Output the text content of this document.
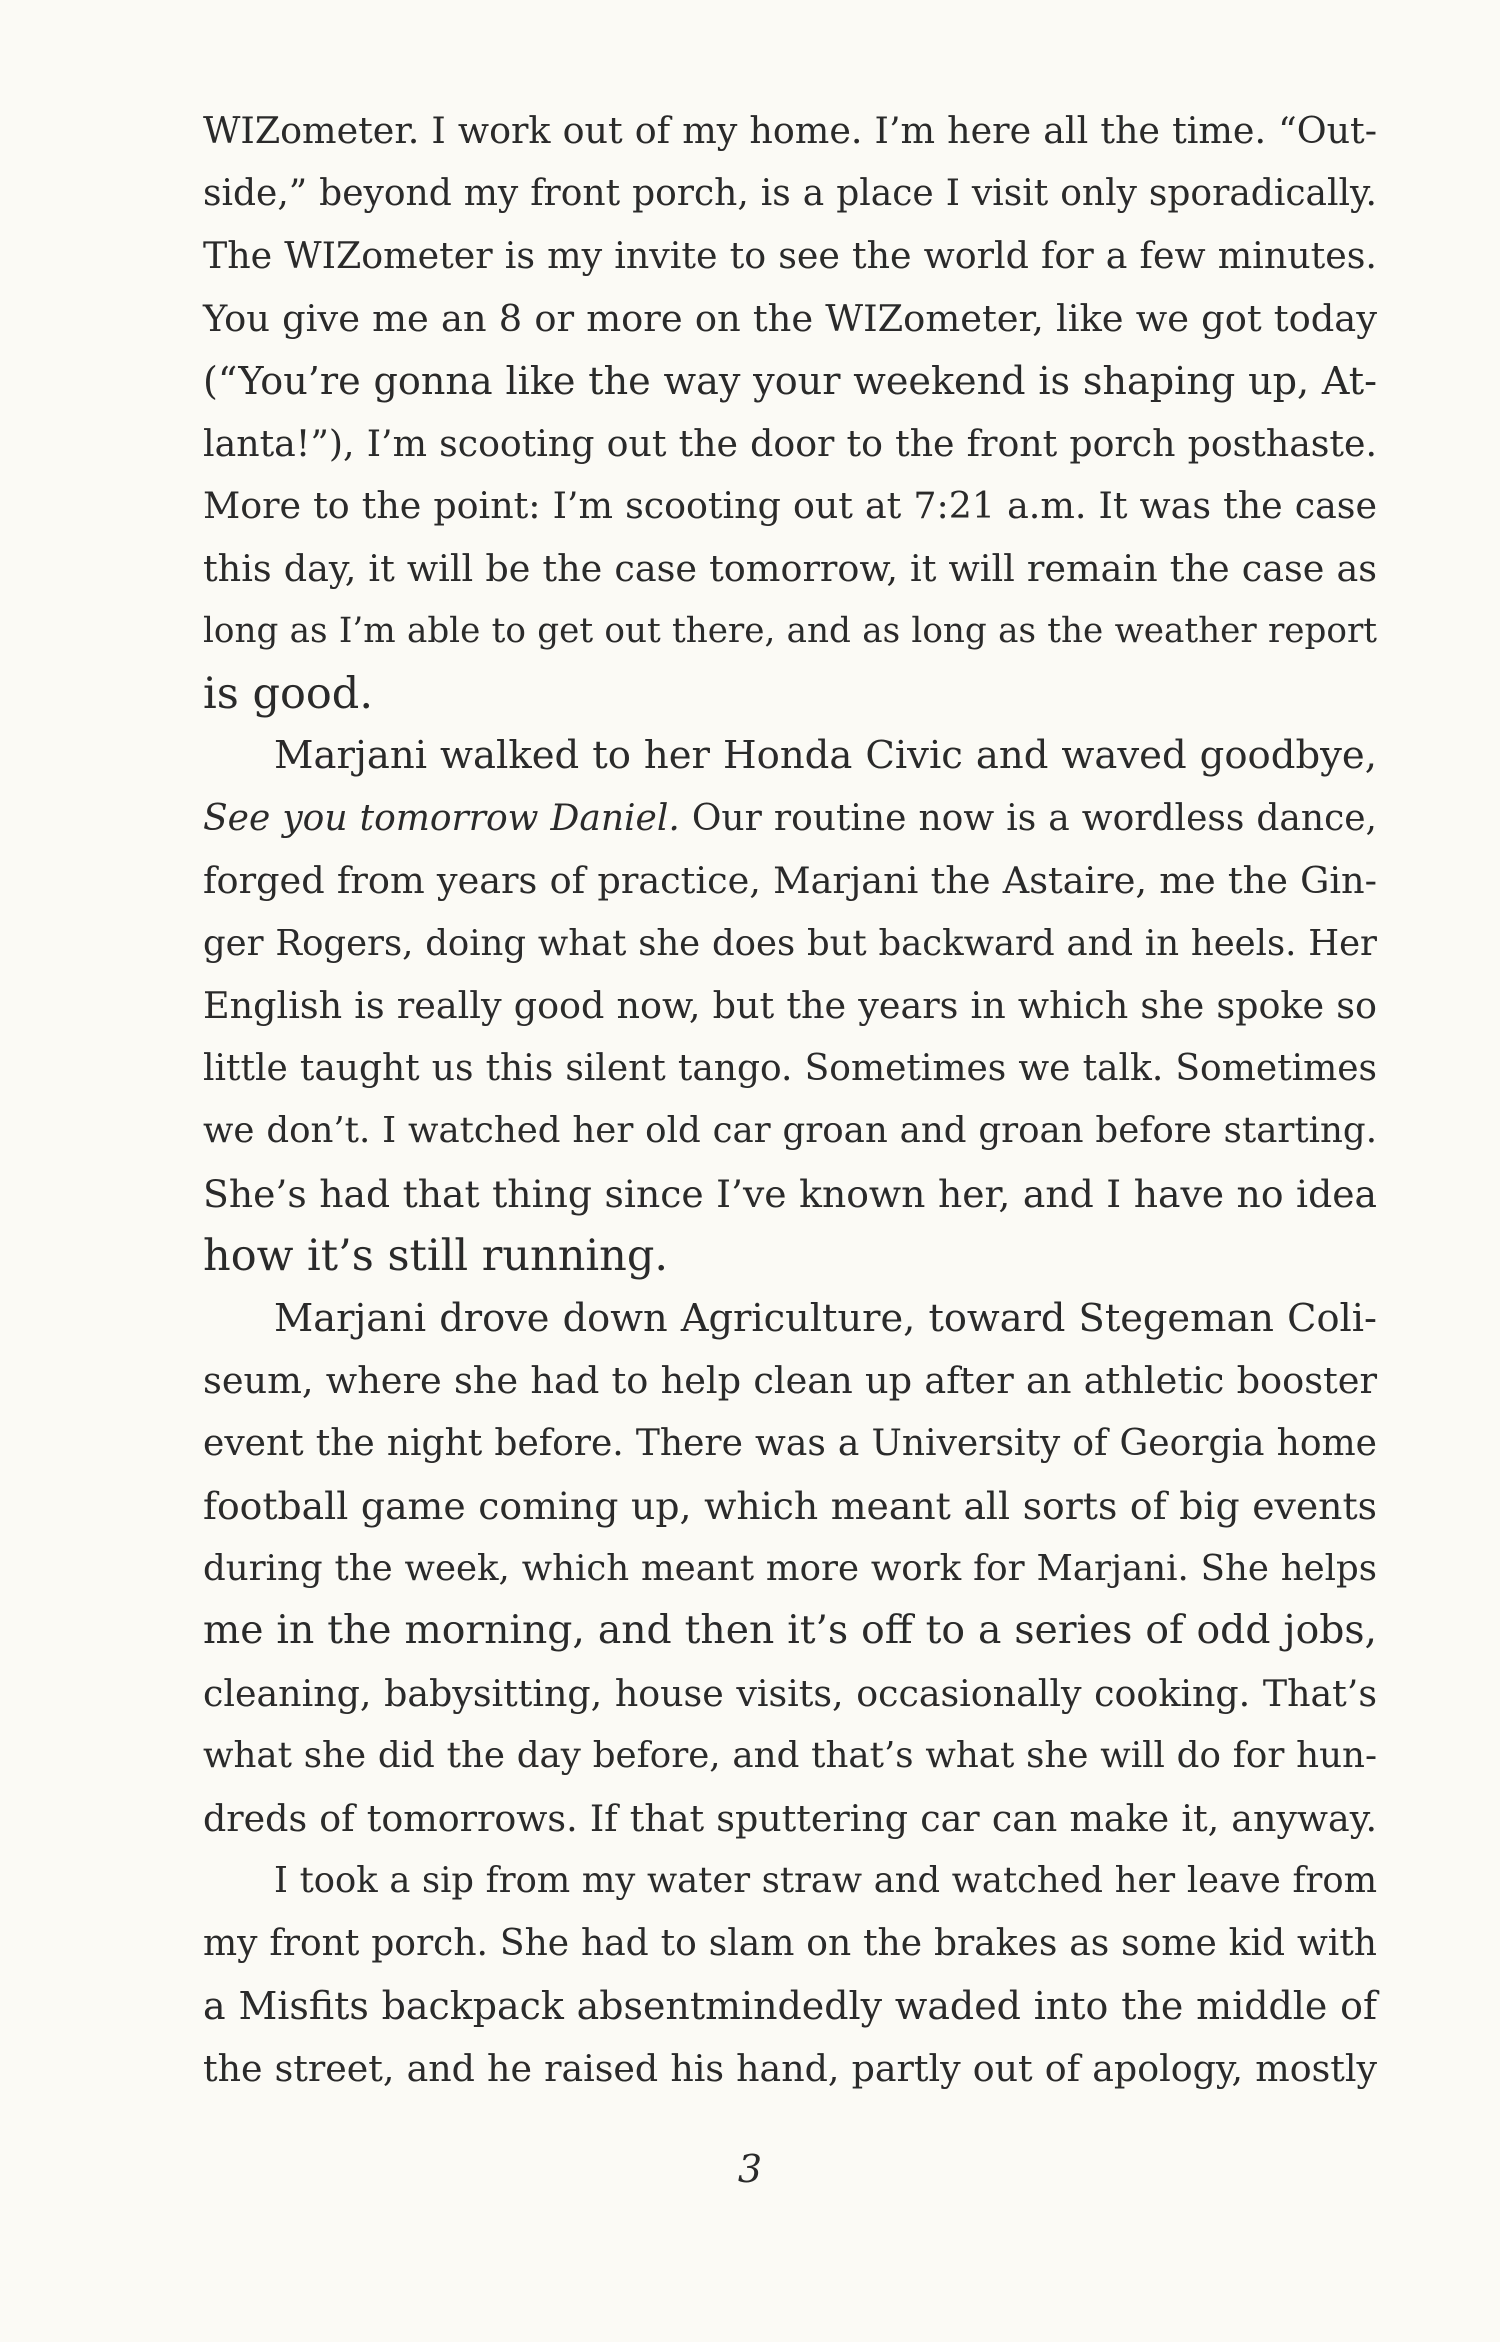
WIZometer. I work out of my home. I’m here all the time. “Out-
side,” beyond my front porch, is a place I visit only sporadically.
The WIZometer is my invite to see the world for a few minutes.
You give me an 8 or more on the WIZometer, like we got today
(“You’re gonna like the way your weekend is shaping up, At-
lanta!”), I’m scooting out the door to the front porch posthaste.
More to the point: I’m scooting out at 7:21 a.m. It was the case
this day, it will be the case tomorrow, it will remain the case as
long as I’m able to get out there, and as long as the weather report
is good.
Marjani walked to her Honda Civic and waved goodbye,
See you tomorrow Daniel. Our routine now is a wordless dance,
forged from years of practice, Marjani the Astaire, me the Gin-
ger Rogers, doing what she does but backward and in heels. Her
English is really good now, but the years in which she spoke so
little taught us this silent tango. Sometimes we talk. Sometimes
we don’t. I watched her old car groan and groan before starting.
She’s had that thing since I’ve known her, and I have no idea
how it’s still running.
Marjani drove down Agriculture, toward Stegeman Coli-
seum, where she had to help clean up after an athletic booster
event the night before. There was a University of Georgia home
football game coming up, which meant all sorts of big events
during the week, which meant more work for Marjani. She helps
me in the morning, and then it’s off to a series of odd jobs,
cleaning, babysitting, house visits, occasionally cooking. That’s
what she did the day before, and that’s what she will do for hun-
dreds of tomorrows. If that sputtering car can make it, anyway.
I took a sip from my water straw and watched her leave from
my front porch. She had to slam on the brakes as some kid with
a Misfits backpack absentmindedly waded into the middle of
the street, and he raised his hand, partly out of apology, mostly
3
